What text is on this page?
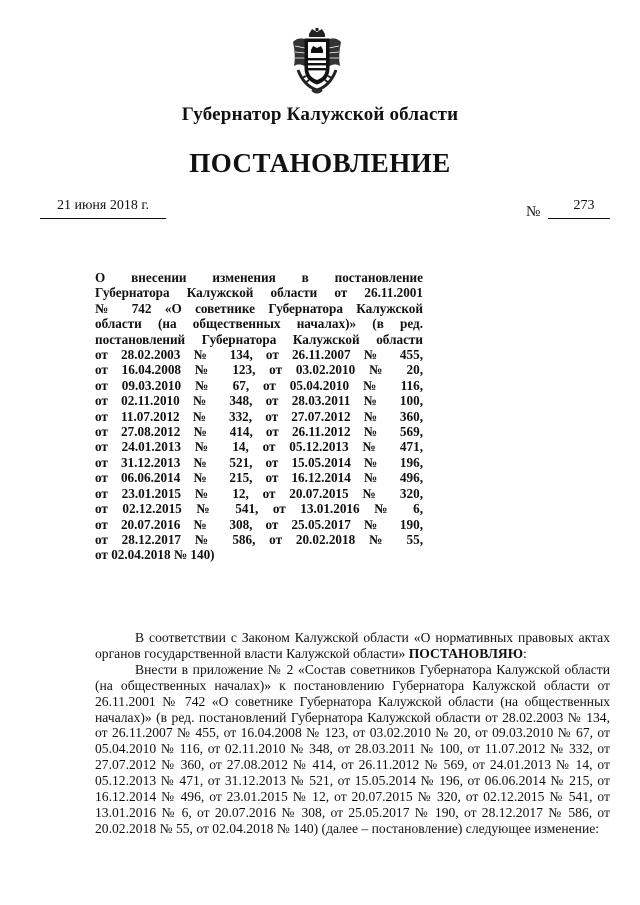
Губернатор Калужской области
ПОСТАНОВЛЕНИЕ
21 июня 2018 г.	№	273
О внесении изменения в постановление
Губернатора Калужской области от 26.11.2001
№ 742 «О советнике Губернатора Калужской
области (на общественных началах)» (в ред.
постановлений Губернатора Калужской области
от 28.02.2003 № 134, от 26.11.2007 № 455,
от 16.04.2008 № 123, от 03.02.2010 № 20,
от 09.03.2010 № 67, от 05.04.2010 № 116,
от 02.11.2010 № 348, от 28.03.2011 № 100,
от 11.07.2012 № 332, от 27.07.2012 № 360,
от 27.08.2012 № 414, от 26.11.2012 № 569,
от 24.01.2013 № 14, от 05.12.2013 № 471,
от 31.12.2013 № 521, от 15.05.2014 № 196,
от 06.06.2014 № 215, от 16.12.2014 № 496,
от 23.01.2015 № 12, от 20.07.2015 № 320,
от 02.12.2015 № 541, от 13.01.2016 № 6,
от 20.07.2016 № 308, от 25.05.2017 № 190,
от 28.12.2017 № 586, от 20.02.2018 № 55,
от 02.04.2018 № 140)

В соответствии с Законом Калужской области «О нормативных правовых актах органов государственной власти Калужской области» ПОСТАНОВЛЯЮ:

Внести в приложение № 2 «Состав советников Губернатора Калужской области (на общественных началах)» к постановлению Губернатора Калужской области от 26.11.2001 № 742 «О советнике Губернатора Калужской области (на общественных началах)» (в ред. постановлений Губернатора Калужской области от 28.02.2003 № 134, от 26.11.2007 № 455, от 16.04.2008 № 123, от 03.02.2010 № 20, от 09.03.2010 № 67, от 05.04.2010 № 116, от 02.11.2010 № 348, от 28.03.2011 № 100, от 11.07.2012 № 332, от 27.07.2012 № 360, от 27.08.2012 № 414, от 26.11.2012 № 569, от 24.01.2013 № 14, от 05.12.2013 № 471, от 31.12.2013 № 521, от 15.05.2014 № 196, от 06.06.2014 № 215, от 16.12.2014 № 496, от 23.01.2015 № 12, от 20.07.2015 № 320, от 02.12.2015 № 541, от 13.01.2016 № 6, от 20.07.2016 № 308, от 25.05.2017 № 190, от 28.12.2017 № 586, от 20.02.2018 № 55, от 02.04.2018 № 140) (далее – постановление) следующее изменение:
